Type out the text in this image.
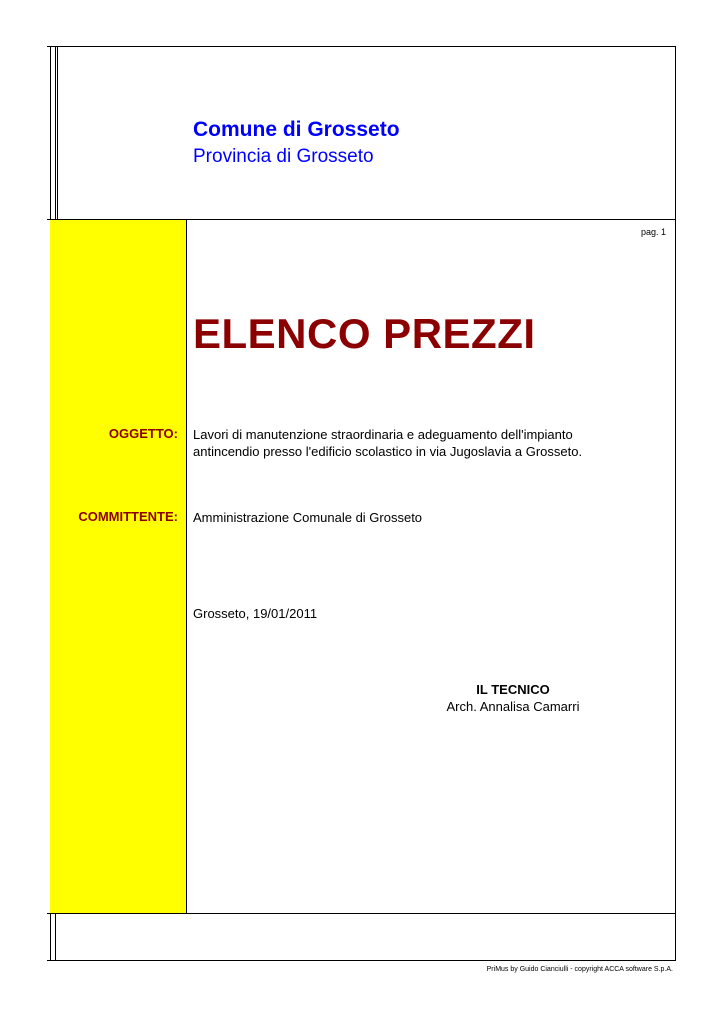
Comune di Grosseto
Provincia di Grosseto
pag. 1
ELENCO PREZZI
OGGETTO: Lavori di manutenzione straordinaria e adeguamento dell'impianto
antincendio presso l'edificio scolastico in via Jugoslavia a Grosseto.
COMMITTENTE: Amministrazione Comunale di Grosseto
Grosseto, 19/01/2011
IL TECNICO
Arch. Annalisa Camarri
PriMus by Guido Cianciulli - copyright ACCA software S.p.A.
